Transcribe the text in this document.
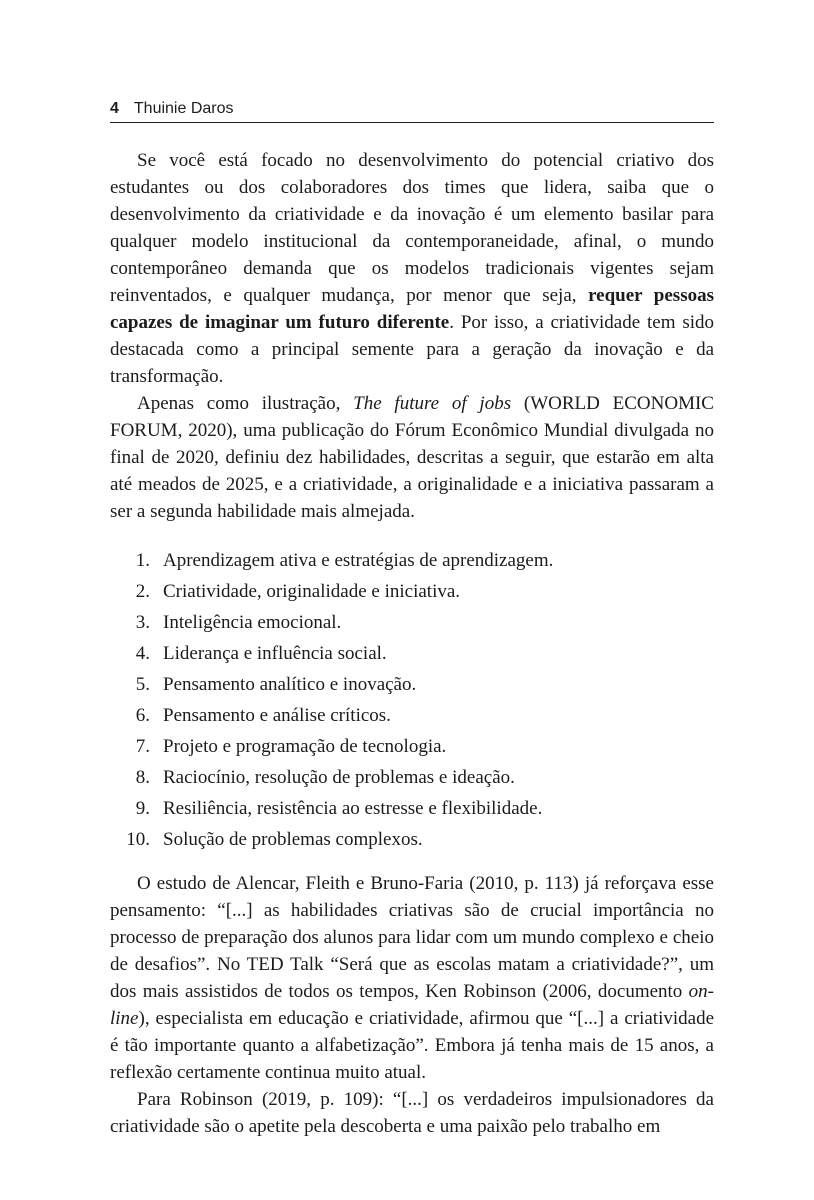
4 Thuinie Daros

Se você está focado no desenvolvimento do potencial criativo dos estudantes ou dos colaboradores dos times que lidera, saiba que o desenvolvimento da criatividade e da inovação é um elemento basilar para qualquer modelo institucional da contemporaneidade, afinal, o mundo contemporâneo demanda que os modelos tradicionais vigentes sejam reinventados, e qualquer mudança, por menor que seja, requer pessoas capazes de imaginar um futuro diferente. Por isso, a criatividade tem sido destacada como a principal semente para a geração da inovação e da transformação.

Apenas como ilustração, The future of jobs (WORLD ECONOMIC FORUM, 2020), uma publicação do Fórum Econômico Mundial divulgada no final de 2020, definiu dez habilidades, descritas a seguir, que estarão em alta até meados de 2025, e a criatividade, a originalidade e a iniciativa passaram a ser a segunda habilidade mais almejada.

1. Aprendizagem ativa e estratégias de aprendizagem.
2. Criatividade, originalidade e iniciativa.
3. Inteligência emocional.
4. Liderança e influência social.
5. Pensamento analítico e inovação.
6. Pensamento e análise críticos.
7. Projeto e programação de tecnologia.
8. Raciocínio, resolução de problemas e ideação.
9. Resiliência, resistência ao estresse e flexibilidade.
10. Solução de problemas complexos.

O estudo de Alencar, Fleith e Bruno-Faria (2010, p. 113) já reforçava esse pensamento: “[...] as habilidades criativas são de crucial importância no processo de preparação dos alunos para lidar com um mundo complexo e cheio de desafios”. No TED Talk “Será que as escolas matam a criatividade?”, um dos mais assistidos de todos os tempos, Ken Robinson (2006, documento on-line), especialista em educação e criatividade, afirmou que “[...] a criatividade é tão importante quanto a alfabetização”. Embora já tenha mais de 15 anos, a reflexão certamente continua muito atual.

Para Robinson (2019, p. 109): “[...] os verdadeiros impulsionadores da criatividade são o apetite pela descoberta e uma paixão pelo trabalho em
